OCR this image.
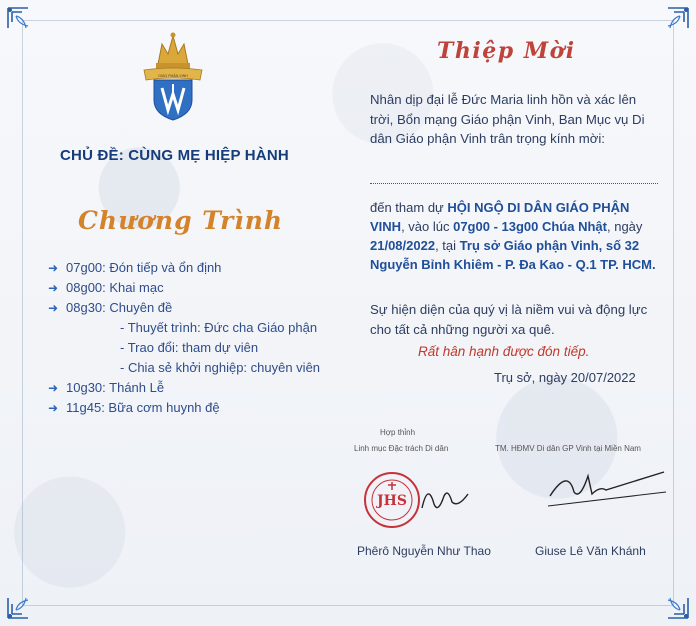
GIÁO PHẬN VINH
CHỦ ĐỀ: CÙNG MẸ HIỆP HÀNH
Chương Trình
➜ 07g00: Đón tiếp và ổn định
➜ 08g00: Khai mạc
➜ 08g30: Chuyên đề
- Thuyết trình: Đức cha Giáo phận
- Trao đổi: tham dự viên
- Chia sẻ khởi nghiệp: chuyên viên
➜ 10g30: Thánh Lễ
➜ 11g45: Bữa cơm huynh đệ
Thiệp Mời
Nhân dịp đại lễ Đức Maria linh hồn và xác lên trời, Bổn mạng Giáo phận Vinh, Ban Mục vụ Di dân Giáo phận Vinh trân trọng kính mời:
đến tham dự HỘI NGỘ DI DÂN GIÁO PHẬN VINH, vào lúc 07g00 - 13g00 Chúa Nhật, ngày 21/08/2022, tại Trụ sở Giáo phận Vinh, số 32 Nguyễn Bỉnh Khiêm - P. Đa Kao - Q.1 TP. HCM.
Sự hiện diện của quý vị là niềm vui và động lực cho tất cả những người xa quê.
Rất hân hạnh được đón tiếp.
Trụ sở, ngày 20/07/2022
Hợp thỉnh
Linh mục Đặc trách Di dân	TM. HĐMV Di dân GP Vinh tại Miền Nam
JHS
Phêrô Nguyễn Như Thao	Giuse Lê Văn Khánh
